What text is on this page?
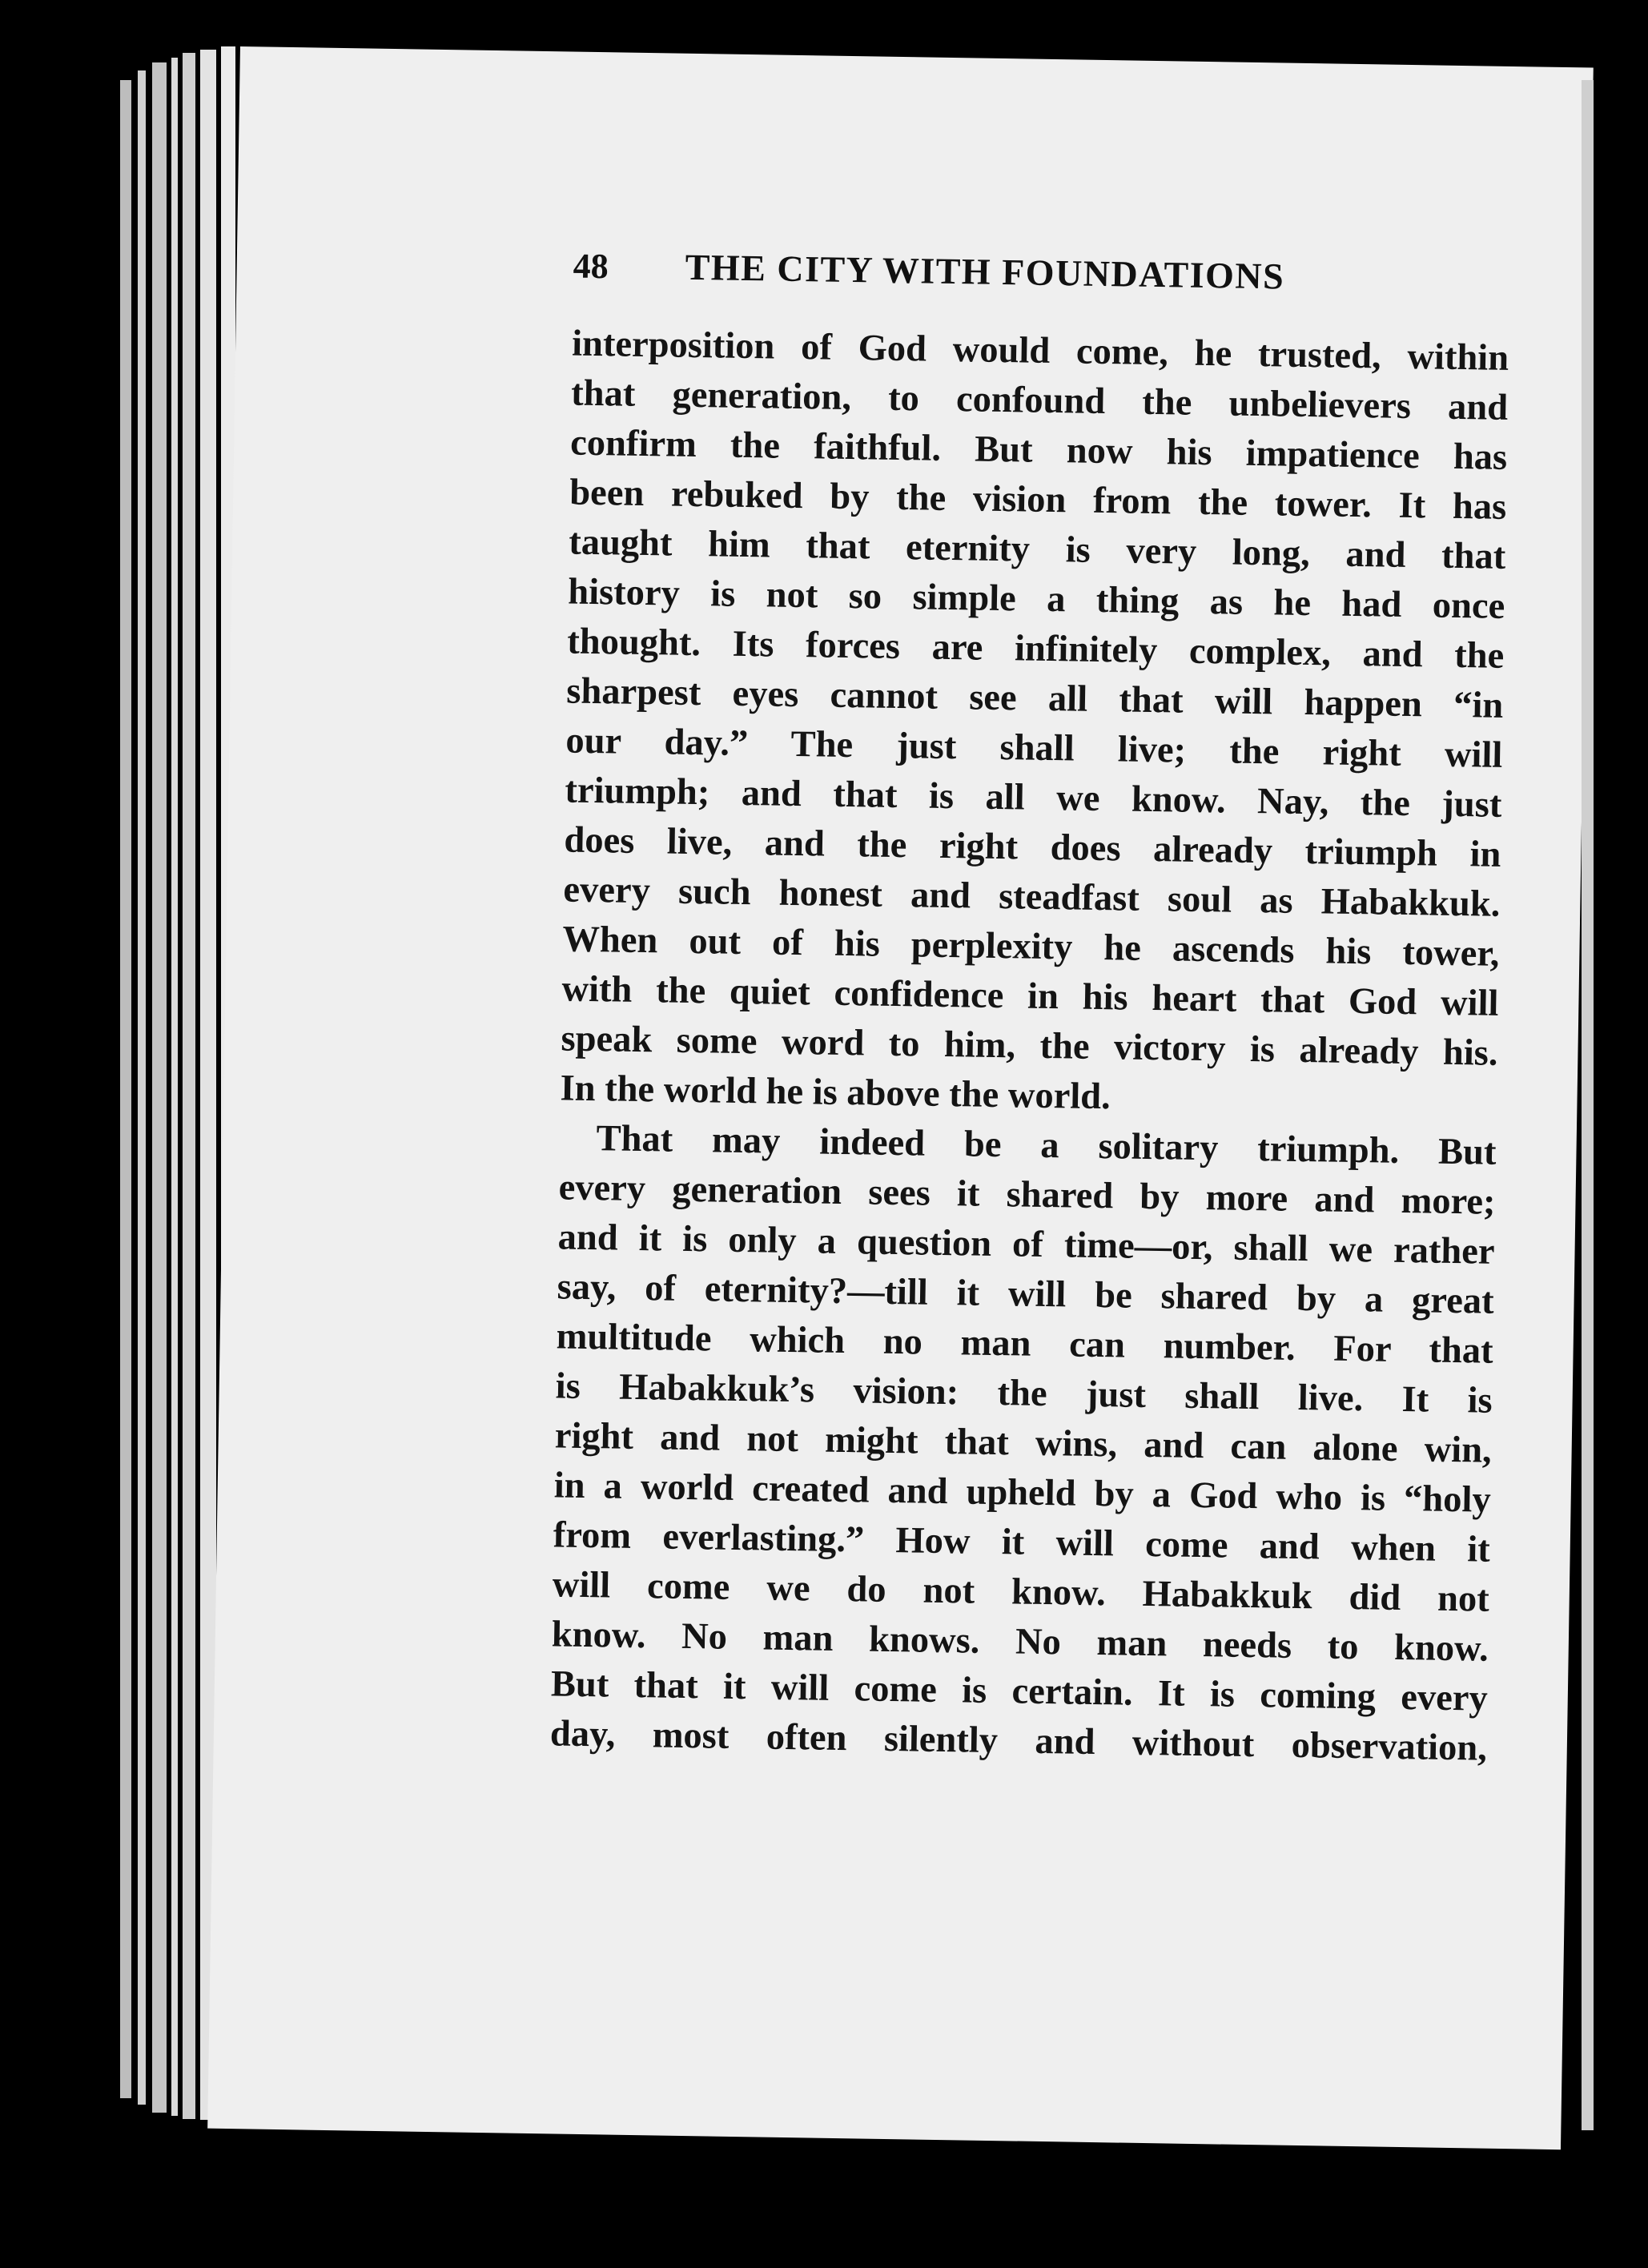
48	THE CITY WITH FOUNDATIONS
interposition of God would come, he trusted, within
that generation, to confound the unbelievers and
confirm the faithful. But now his impatience has
been rebuked by the vision from the tower. It has
taught him that eternity is very long, and that
history is not so simple a thing as he had once
thought. Its forces are infinitely complex, and the
sharpest eyes cannot see all that will happen “in
our day.” The just shall live; the right will
triumph; and that is all we know. Nay, the just
does live, and the right does already triumph in
every such honest and steadfast soul as Habakkuk.
When out of his perplexity he ascends his tower,
with the quiet confidence in his heart that God will
speak some word to him, the victory is already his.
In the world he is above the world.
That may indeed be a solitary triumph. But
every generation sees it shared by more and more;
and it is only a question of time—or, shall we rather
say, of eternity?—till it will be shared by a great
multitude which no man can number. For that
is Habakkuk’s vision: the just shall live. It is
right and not might that wins, and can alone win,
in a world created and upheld by a God who is “holy
from everlasting.” How it will come and when it
will come we do not know. Habakkuk did not
know. No man knows. No man needs to know.
But that it will come is certain. It is coming every
day, most often silently and without observation,
